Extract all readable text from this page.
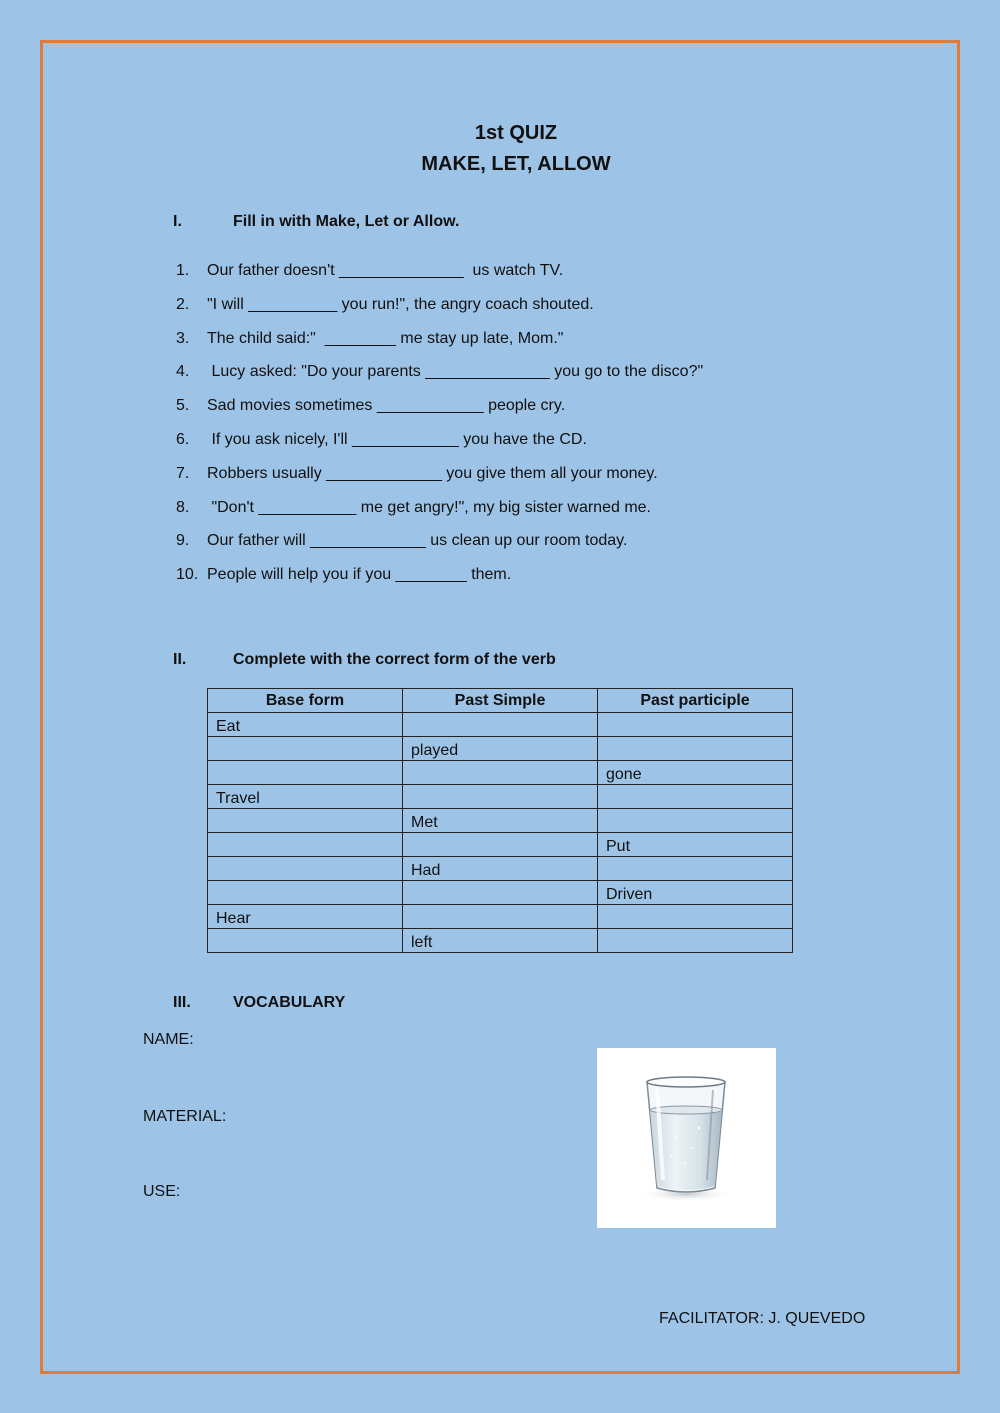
1st QUIZ
MAKE, LET, ALLOW
I.	Fill in with Make, Let or Allow.
1. Our father doesn't ______________  us watch TV.
2. "I will __________ you run!", the angry coach shouted.
3. The child said:"  ________ me stay up late, Mom."
4. Lucy asked: "Do your parents ______________ you go to the disco?"
5. Sad movies sometimes ____________ people cry.
6. If you ask nicely, I'll ____________ you have the CD.
7. Robbers usually _____________ you give them all your money.
8. "Don't ___________ me get angry!", my big sister warned me.
9. Our father will _____________ us clean up our room today.
10. People will help you if you ________ them.
II.	Complete with the correct form of the verb
Base form	Past Simple	Past participle
Eat		
	played	
		gone
Travel		
	Met	
		Put
	Had	
		Driven
Hear		
	left	
III.	VOCABULARY
NAME:
MATERIAL:
USE:
FACILITATOR: J. QUEVEDO
